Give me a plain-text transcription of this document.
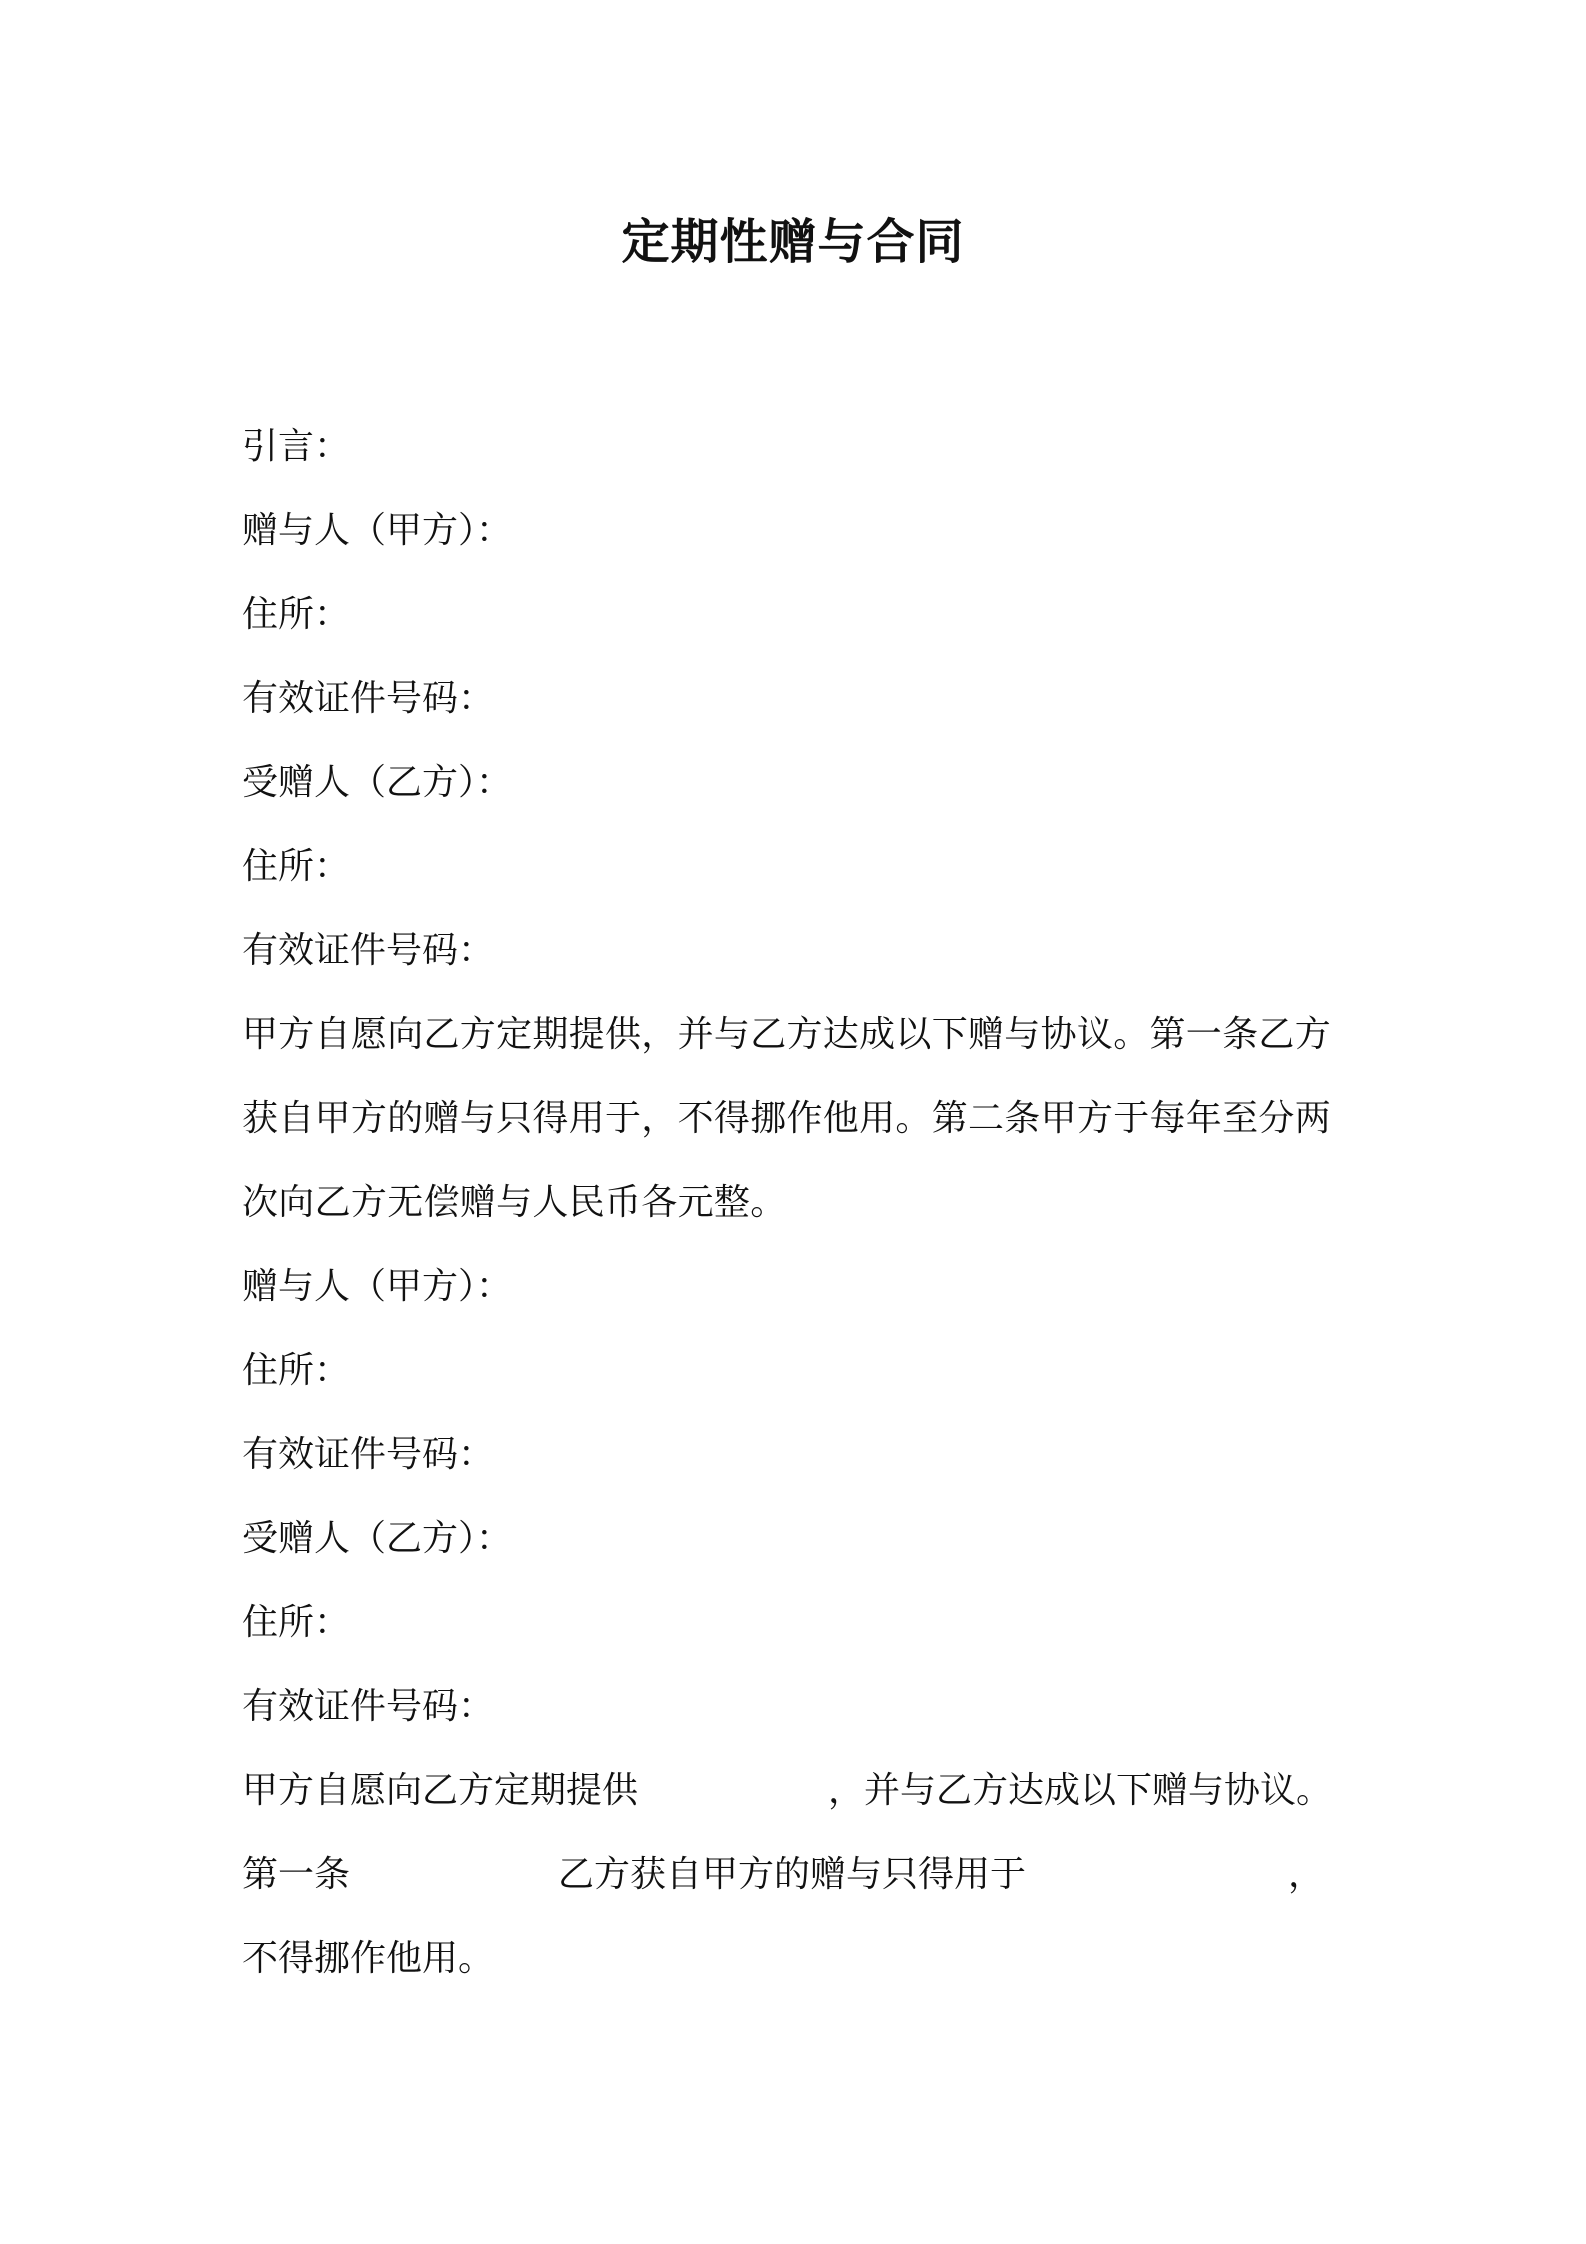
定期性赠与合同
引言：
赠与人（甲方）：
住所：
有效证件号码：
受赠人（乙方）：
住所：
有效证件号码：
甲方自愿向乙方定期提供，并与乙方达成以下赠与协议。第一条乙方获自甲方的赠与只得用于，不得挪作他用。第二条甲方于每年至分两次向乙方无偿赠与人民币各元整。
赠与人（甲方）：
住所：
有效证件号码：
受赠人（乙方）：
住所：
有效证件号码：
甲方自愿向乙方定期提供	，并与乙方达成以下赠与协议。
第一条	乙方获自甲方的赠与只得用于	，
不得挪作他用。
